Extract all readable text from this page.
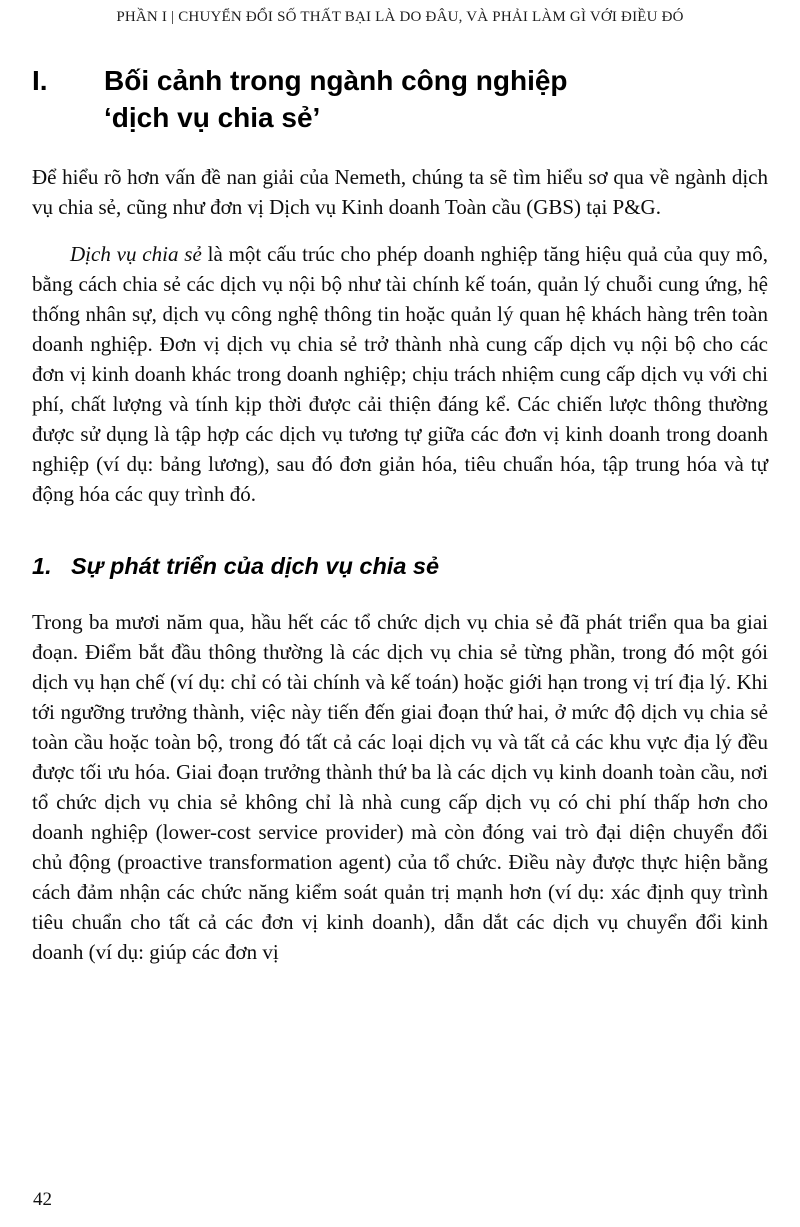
PHẦN I | CHUYỂN ĐỔI SỐ THẤT BẠI LÀ DO ĐÂU, VÀ PHẢI LÀM GÌ VỚI ĐIỀU ĐÓ
I.	Bối cảnh trong ngành công nghiệp
‘dịch vụ chia sẻ’

Để hiểu rõ hơn vấn đề nan giải của Nemeth, chúng ta sẽ tìm hiểu sơ qua về ngành dịch vụ chia sẻ, cũng như đơn vị Dịch vụ Kinh doanh Toàn cầu (GBS) tại P&G.

Dịch vụ chia sẻ là một cấu trúc cho phép doanh nghiệp tăng hiệu quả của quy mô, bằng cách chia sẻ các dịch vụ nội bộ như tài chính kế toán, quản lý chuỗi cung ứng, hệ thống nhân sự, dịch vụ công nghệ thông tin hoặc quản lý quan hệ khách hàng trên toàn doanh nghiệp. Đơn vị dịch vụ chia sẻ trở thành nhà cung cấp dịch vụ nội bộ cho các đơn vị kinh doanh khác trong doanh nghiệp; chịu trách nhiệm cung cấp dịch vụ với chi phí, chất lượng và tính kịp thời được cải thiện đáng kể. Các chiến lược thông thường được sử dụng là tập hợp các dịch vụ tương tự giữa các đơn vị kinh doanh trong doanh nghiệp (ví dụ: bảng lương), sau đó đơn giản hóa, tiêu chuẩn hóa, tập trung hóa và tự động hóa các quy trình đó.

1. Sự phát triển của dịch vụ chia sẻ

Trong ba mươi năm qua, hầu hết các tổ chức dịch vụ chia sẻ đã phát triển qua ba giai đoạn. Điểm bắt đầu thông thường là các dịch vụ chia sẻ từng phần, trong đó một gói dịch vụ hạn chế (ví dụ: chỉ có tài chính và kế toán) hoặc giới hạn trong vị trí địa lý. Khi tới ngưỡng trưởng thành, việc này tiến đến giai đoạn thứ hai, ở mức độ dịch vụ chia sẻ toàn cầu hoặc toàn bộ, trong đó tất cả các loại dịch vụ và tất cả các khu vực địa lý đều được tối ưu hóa. Giai đoạn trưởng thành thứ ba là các dịch vụ kinh doanh toàn cầu, nơi tổ chức dịch vụ chia sẻ không chỉ là nhà cung cấp dịch vụ có chi phí thấp hơn cho doanh nghiệp (lower-cost service provider) mà còn đóng vai trò đại diện chuyển đổi chủ động (proactive transformation agent) của tổ chức. Điều này được thực hiện bằng cách đảm nhận các chức năng kiểm soát quản trị mạnh hơn (ví dụ: xác định quy trình tiêu chuẩn cho tất cả các đơn vị kinh doanh), dẫn dắt các dịch vụ chuyển đổi kinh doanh (ví dụ: giúp các đơn vị

42
